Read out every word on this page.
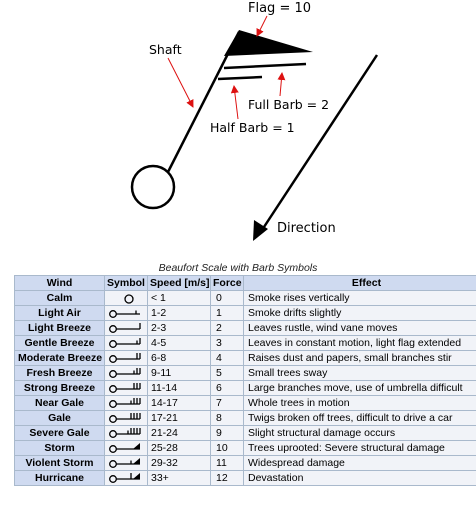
Flag = 10
Shaft
Full Barb = 2
Half Barb = 1
Direction
Beaufort Scale with Barb Symbols
Wind	Symbol	Speed [m/s]	Force	Effect
Calm		< 1	0	Smoke rises vertically
Light Air		1-2	1	Smoke drifts slightly
Light Breeze		2-3	2	Leaves rustle, wind vane moves
Gentle Breeze		4-5	3	Leaves in constant motion, light flag extended
Moderate Breeze		6-8	4	Raises dust and papers, small branches stir
Fresh Breeze		9-11	5	Small trees sway
Strong Breeze		11-14	6	Large branches move, use of umbrella difficult
Near Gale		14-17	7	Whole trees in motion
Gale		17-21	8	Twigs broken off trees, difficult to drive a car
Severe Gale		21-24	9	Slight structural damage occurs
Storm		25-28	10	Trees uprooted: Severe structural damage
Violent Storm		29-32	11	Widespread damage
Hurricane		33+	12	Devastation
